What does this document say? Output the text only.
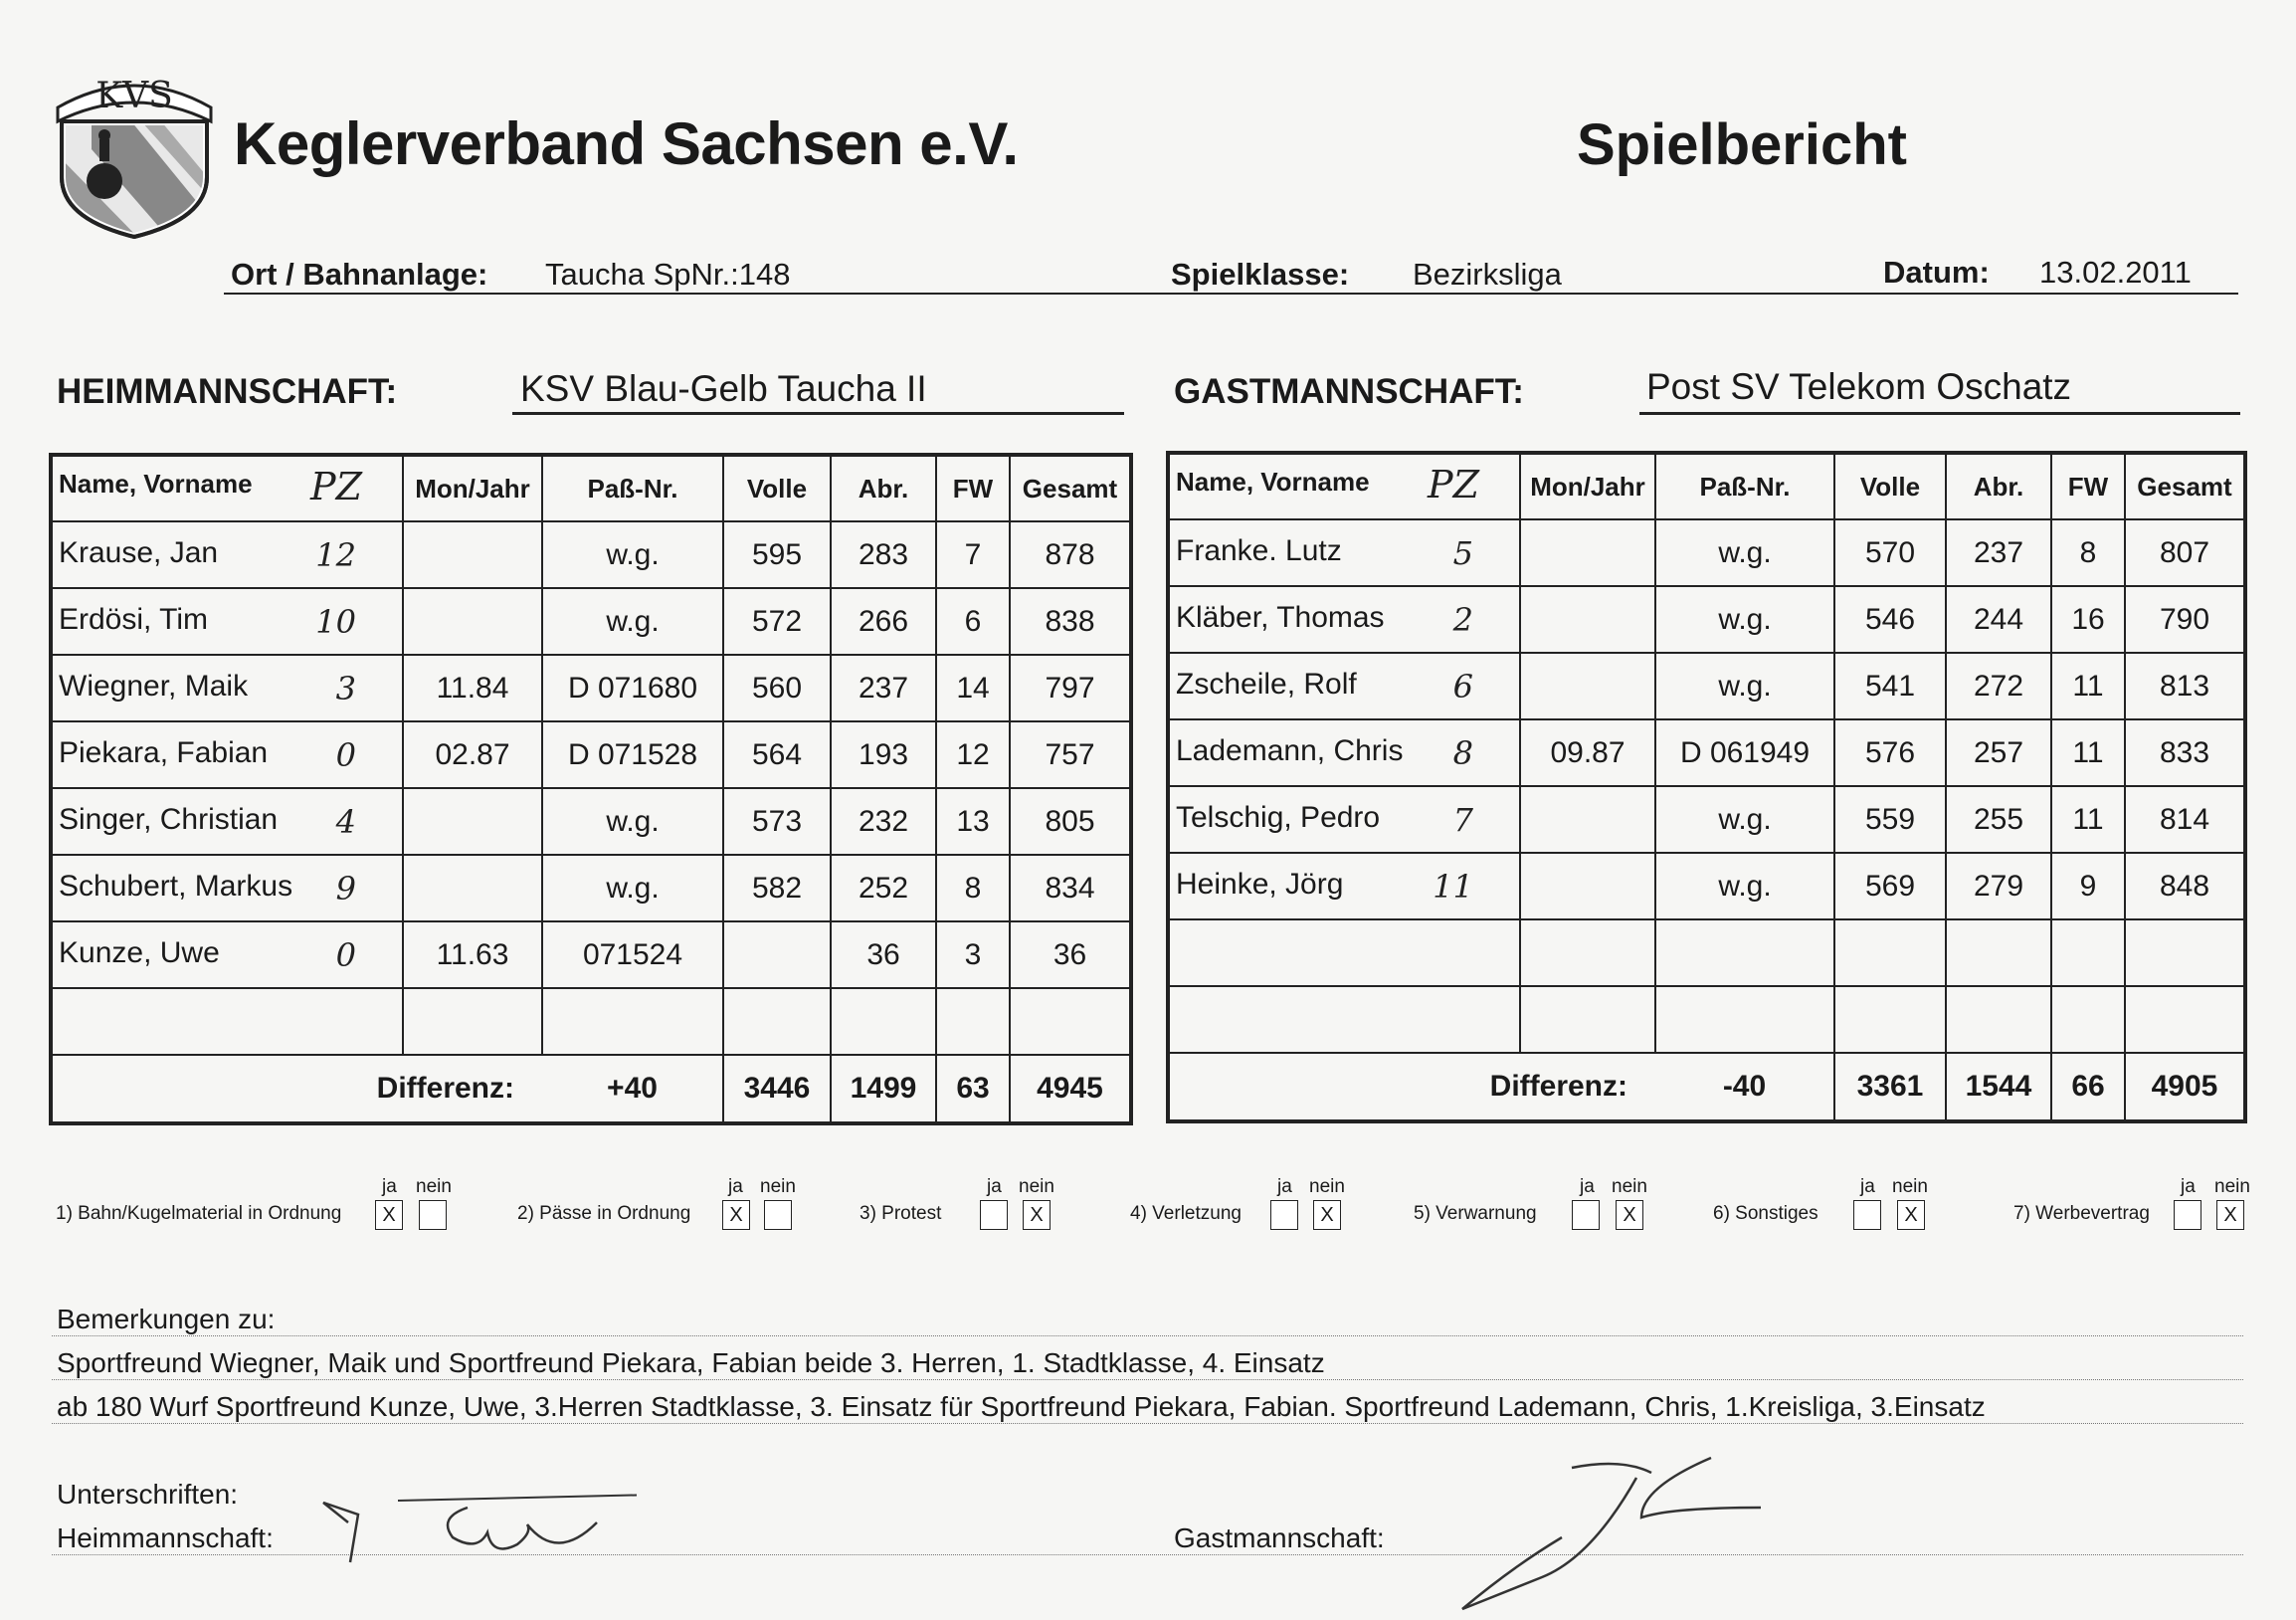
KVS
Keglerverband Sachsen e.V.	Spielbericht
Ort / Bahnanlage: Taucha SpNr.:148	Spielklasse: Bezirksliga	Datum: 13.02.2011
HEIMMANNSCHAFT:	KSV Blau-Gelb Taucha II	GASTMANNSCHAFT:	Post SV Telekom Oschatz
Name, Vorname PZ	Mon/Jahr	Paß-Nr.	Volle	Abr.	FW	Gesamt
Krause, Jan 12		w.g.	595	283	7	878
Erdösi, Tim 10		w.g.	572	266	6	838
Wiegner, Maik 3	11.84	D 071680	560	237	14	797
Piekara, Fabian 0	02.87	D 071528	564	193	12	757
Singer, Christian 4		w.g.	573	232	13	805
Schubert, Markus 9		w.g.	582	252	8	834
Kunze, Uwe 0	11.63	071524		36	3	36

Differenz:		+40	3446	1499	63	4945
Name, Vorname PZ	Mon/Jahr	Paß-Nr.	Volle	Abr.	FW	Gesamt
Franke. Lutz 5		w.g.	570	237	8	807
Kläber, Thomas 2		w.g.	546	244	16	790
Zscheile, Rolf 6		w.g.	541	272	11	813
Lademann, Chris 8	09.87	D 061949	576	257	11	833
Telschig, Pedro 7		w.g.	559	255	11	814
Heinke, Jörg 11		w.g.	569	279	9	848

Differenz:		-40	3361	1544	66	4905
1) Bahn/Kugelmaterial in Ordnung
ja nein
X	2) Pässe in Ordnung
ja nein
X	3) Protest
ja nein
X	4) Verletzung
ja nein
X	5) Verwarnung
ja nein
X	6) Sonstiges
ja nein
X	7) Werbevertrag
ja nein
X
Bemerkungen zu:
Sportfreund Wiegner, Maik und Sportfreund Piekara, Fabian beide 3. Herren, 1. Stadtklasse, 4. Einsatz
ab 180 Wurf Sportfreund Kunze, Uwe, 3.Herren Stadtklasse, 3. Einsatz für Sportfreund Piekara, Fabian. Sportfreund Lademann, Chris, 1.Kreisliga, 3.Einsatz
Unterschriften:
Heimmannschaft:	Gastmannschaft:
